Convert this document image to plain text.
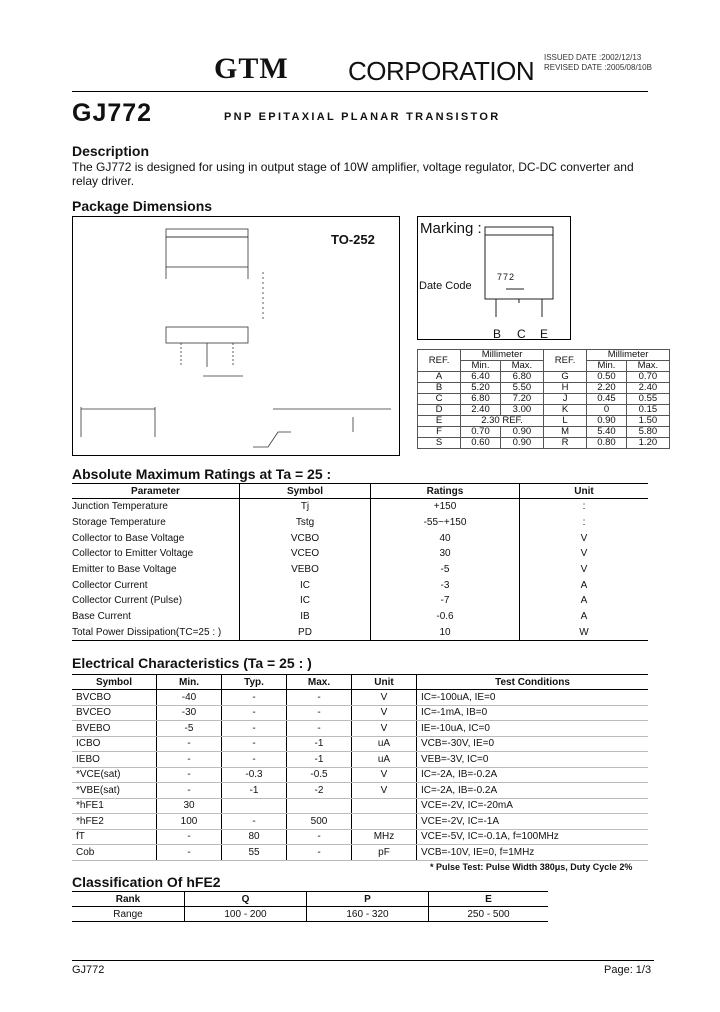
GTM CORPORATION ISSUED DATE :2002/12/13
REVISED DATE :2005/08/10B
GJ772	PNP EPITAXIAL PLANAR TRANSISTOR
Description
The GJ772 is designed for using in output stage of 10W amplifier, voltage regulator, DC-DC converter and relay driver.
Package Dimensions
TO-252
Marking :
772
Date Code
B C E
REF.	Millimeter		REF.	Millimeter	
	Min.	Max.		Min.	Max.
A	6.40	6.80	G	0.50	0.70
B	5.20	5.50	H	2.20	2.40
C	6.80	7.20	J	0.45	0.55
D	2.40	3.00	K	0	0.15
E	2.30 REF.		L	0.90	1.50
F	0.70	0.90	M	5.40	5.80
S	0.60	0.90	R	0.80	1.20
Absolute Maximum Ratings at Ta = 25 :
Parameter	Symbol	Ratings	Unit
Junction Temperature	Tj	+150	:
Storage Temperature	Tstg	-55~+150	:
Collector to Base Voltage	VCBO	40	V
Collector to Emitter Voltage	VCEO	30	V
Emitter to Base Voltage	VEBO	-5	V
Collector Current	IC	-3	A
Collector Current (Pulse)	IC	-7	A
Base Current	IB	-0.6	A
Total Power Dissipation(TC=25 : )	PD	10	W
Electrical Characteristics (Ta = 25 : )
Symbol	Min.	Typ.	Max.	Unit	Test Conditions
BVCBO	-40	-	-	V	IC=-100uA, IE=0
BVCEO	-30	-	-	V	IC=-1mA, IB=0
BVEBO	-5	-	-	V	IE=-10uA, IC=0
ICBO	-	-	-1	uA	VCB=-30V, IE=0
IEBO	-	-	-1	uA	VEB=-3V, IC=0
*VCE(sat)	-	-0.3	-0.5	V	IC=-2A, IB=-0.2A
*VBE(sat)	-	-1	-2	V	IC=-2A, IB=-0.2A
*hFE1	30				VCE=-2V, IC=-20mA
*hFE2	100	-	500		VCE=-2V, IC=-1A
fT	-	80	-	MHz	VCE=-5V, IC=-0.1A, f=100MHz
Cob	-	55	-	pF	VCB=-10V, IE=0, f=1MHz
* Pulse Test: Pulse Width 380μs, Duty Cycle 2%
Classification Of hFE2
Rank	Q	P	E
Range	100 - 200	160 - 320	250 - 500
GJ772	Page: 1/3
